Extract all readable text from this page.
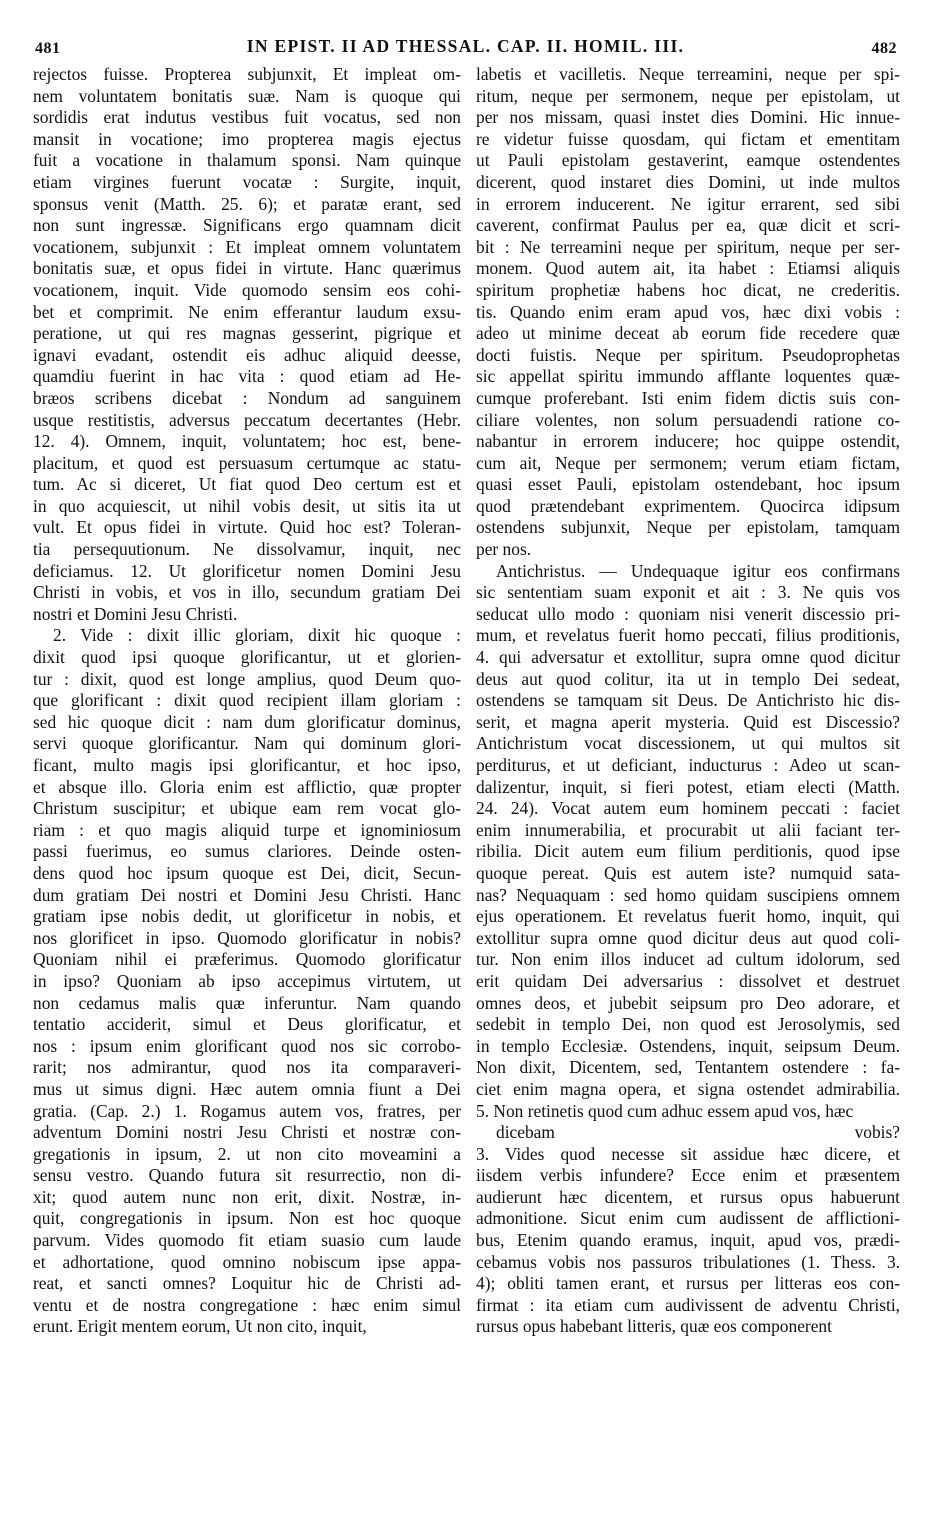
481	IN EPIST. II AD THESSAL. CAP. II. HOMIL. III.	482
rejectos fuisse. Propterea subjunxit, Et impleat om-
nem voluntatem bonitatis suæ. Nam is quoque qui
sordidis erat indutus vestibus fuit vocatus, sed non
mansit in vocatione; imo propterea magis ejectus
fuit a vocatione in thalamum sponsi. Nam quinque
etiam virgines fuerunt vocatæ : Surgite, inquit,
sponsus venit (Matth. 25. 6); et paratæ erant, sed
non sunt ingressæ. Significans ergo quamnam dicit
vocationem, subjunxit : Et impleat omnem voluntatem
bonitatis suæ, et opus fidei in virtute. Hanc quærimus
vocationem, inquit. Vide quomodo sensim eos cohi-
bet et comprimit. Ne enim efferantur laudum exsu-
peratione, ut qui res magnas gesserint, pigrique et
ignavi evadant, ostendit eis adhuc aliquid deesse,
quamdiu fuerint in hac vita : quod etiam ad He-
bræos scribens dicebat : Nondum ad sanguinem
usque restitistis, adversus peccatum decertantes (Hebr.
12. 4). Omnem, inquit, voluntatem; hoc est, bene-
placitum, et quod est persuasum certumque ac statu-
tum. Ac si diceret, Ut fiat quod Deo certum est et
in quo acquiescit, ut nihil vobis desit, ut sitis ita ut
vult. Et opus fidei in virtute. Quid hoc est? Toleran-
tia persequutionum. Ne dissolvamur, inquit, nec
deficiamus. 12. Ut glorificetur nomen Domini Jesu
Christi in vobis, et vos in illo, secundum gratiam Dei
nostri et Domini Jesu Christi.
2. Vide : dixit illic gloriam, dixit hic quoque :
dixit quod ipsi quoque glorificantur, ut et glorien-
tur : dixit, quod est longe amplius, quod Deum quo-
que glorificant : dixit quod recipient illam gloriam :
sed hic quoque dicit : nam dum glorificatur dominus,
servi quoque glorificantur. Nam qui dominum glori-
ficant, multo magis ipsi glorificantur, et hoc ipso,
et absque illo. Gloria enim est afflictio, quæ propter
Christum suscipitur; et ubique eam rem vocat glo-
riam : et quo magis aliquid turpe et ignominiosum
passi fuerimus, eo sumus clariores. Deinde osten-
dens quod hoc ipsum quoque est Dei, dicit, Secun-
dum gratiam Dei nostri et Domini Jesu Christi. Hanc
gratiam ipse nobis dedit, ut glorificetur in nobis, et
nos glorificet in ipso. Quomodo glorificatur in nobis?
Quoniam nihil ei præferimus. Quomodo glorificatur
in ipso? Quoniam ab ipso accepimus virtutem, ut
non cedamus malis quæ inferuntur. Nam quando
tentatio acciderit, simul et Deus glorificatur, et
nos : ipsum enim glorificant quod nos sic corrobo-
rarit; nos admirantur, quod nos ita comparaveri-
mus ut simus digni. Hæc autem omnia fiunt a Dei
gratia. (Cap. 2.) 1. Rogamus autem vos, fratres, per
adventum Domini nostri Jesu Christi et nostræ con-
gregationis in ipsum, 2. ut non cito moveamini a
sensu vestro. Quando futura sit resurrectio, non di-
xit; quod autem nunc non erit, dixit. Nostræ, in-
quit, congregationis in ipsum. Non est hoc quoque
parvum. Vides quomodo fit etiam suasio cum laude
et adhortatione, quod omnino nobiscum ipse appa-
reat, et sancti omnes? Loquitur hic de Christi ad-
ventu et de nostra congregatione : hæc enim simul
erunt. Erigit mentem eorum, Ut non cito, inquit,
labetis et vacilletis. Neque terreamini, neque per spi-
ritum, neque per sermonem, neque per epistolam, ut
per nos missam, quasi instet dies Domini. Hic innue-
re videtur fuisse quosdam, qui fictam et ementitam
ut Pauli epistolam gestaverint, eamque ostendentes
dicerent, quod instaret dies Domini, ut inde multos
in errorem inducerent. Ne igitur errarent, sed sibi
caverent, confirmat Paulus per ea, quæ dicit et scri-
bit : Ne terreamini neque per spiritum, neque per ser-
monem. Quod autem ait, ita habet : Etiamsi aliquis
spiritum prophetiæ habens hoc dicat, ne crederitis.
tis. Quando enim eram apud vos, hæc dixi vobis :
adeo ut minime deceat ab eorum fide recedere quæ
docti fuistis. Neque per spiritum. Pseudoprophetas
sic appellat spiritu immundo afflante loquentes quæ-
cumque proferebant. Isti enim fidem dictis suis con-
ciliare volentes, non solum persuadendi ratione co-
nabantur in errorem inducere; hoc quippe ostendit,
cum ait, Neque per sermonem; verum etiam fictam,
quasi esset Pauli, epistolam ostendebant, hoc ipsum
quod prætendebant exprimentem. Quocirca idipsum
ostendens subjunxit, Neque per epistolam, tamquam
per nos.
Antichristus. — Undequaque igitur eos confirmans
sic sententiam suam exponit et ait : 3. Ne quis vos
seducat ullo modo : quoniam nisi venerit discessio pri-
mum, et revelatus fuerit homo peccati, filius proditionis,
4. qui adversatur et extollitur, supra omne quod dicitur
deus aut quod colitur, ita ut in templo Dei sedeat,
ostendens se tamquam sit Deus. De Antichristo hic dis-
serit, et magna aperit mysteria. Quid est Discessio?
Antichristum vocat discessionem, ut qui multos sit
perditurus, et ut deficiant, inducturus : Adeo ut scan-
dalizentur, inquit, si fieri potest, etiam electi (Matth.
24. 24). Vocat autem eum hominem peccati : faciet
enim innumerabilia, et procurabit ut alii faciant ter-
ribilia. Dicit autem eum filium perditionis, quod ipse
quoque pereat. Quis est autem iste? numquid sata-
nas? Nequaquam : sed homo quidam suscipiens omnem
ejus operationem. Et revelatus fuerit homo, inquit, qui
extollitur supra omne quod dicitur deus aut quod coli-
tur. Non enim illos inducet ad cultum idolorum, sed
erit quidam Dei adversarius : dissolvet et destruet
omnes deos, et jubebit seipsum pro Deo adorare, et
sedebit in templo Dei, non quod est Jerosolymis, sed
in templo Ecclesiæ. Ostendens, inquit, seipsum Deum.
Non dixit, Dicentem, sed, Tentantem ostendere : fa-
ciet enim magna opera, et signa ostendet admirabilia.
5. Non retinetis quod cum adhuc essem apud vos, hæc
dicebam vobis?
3. Vides quod necesse sit assidue hæc dicere, et
iisdem verbis infundere? Ecce enim et præsentem
audierunt hæc dicentem, et rursus opus habuerunt
admonitione. Sicut enim cum audissent de afflictioni-
bus, Etenim quando eramus, inquit, apud vos, prædi-
cebamus vobis nos passuros tribulationes (1. Thess. 3.
4); obliti tamen erant, et rursus per litteras eos con-
firmat : ita etiam cum audivissent de adventu Christi,
rursus opus habebant litteris, quæ eos componerent
